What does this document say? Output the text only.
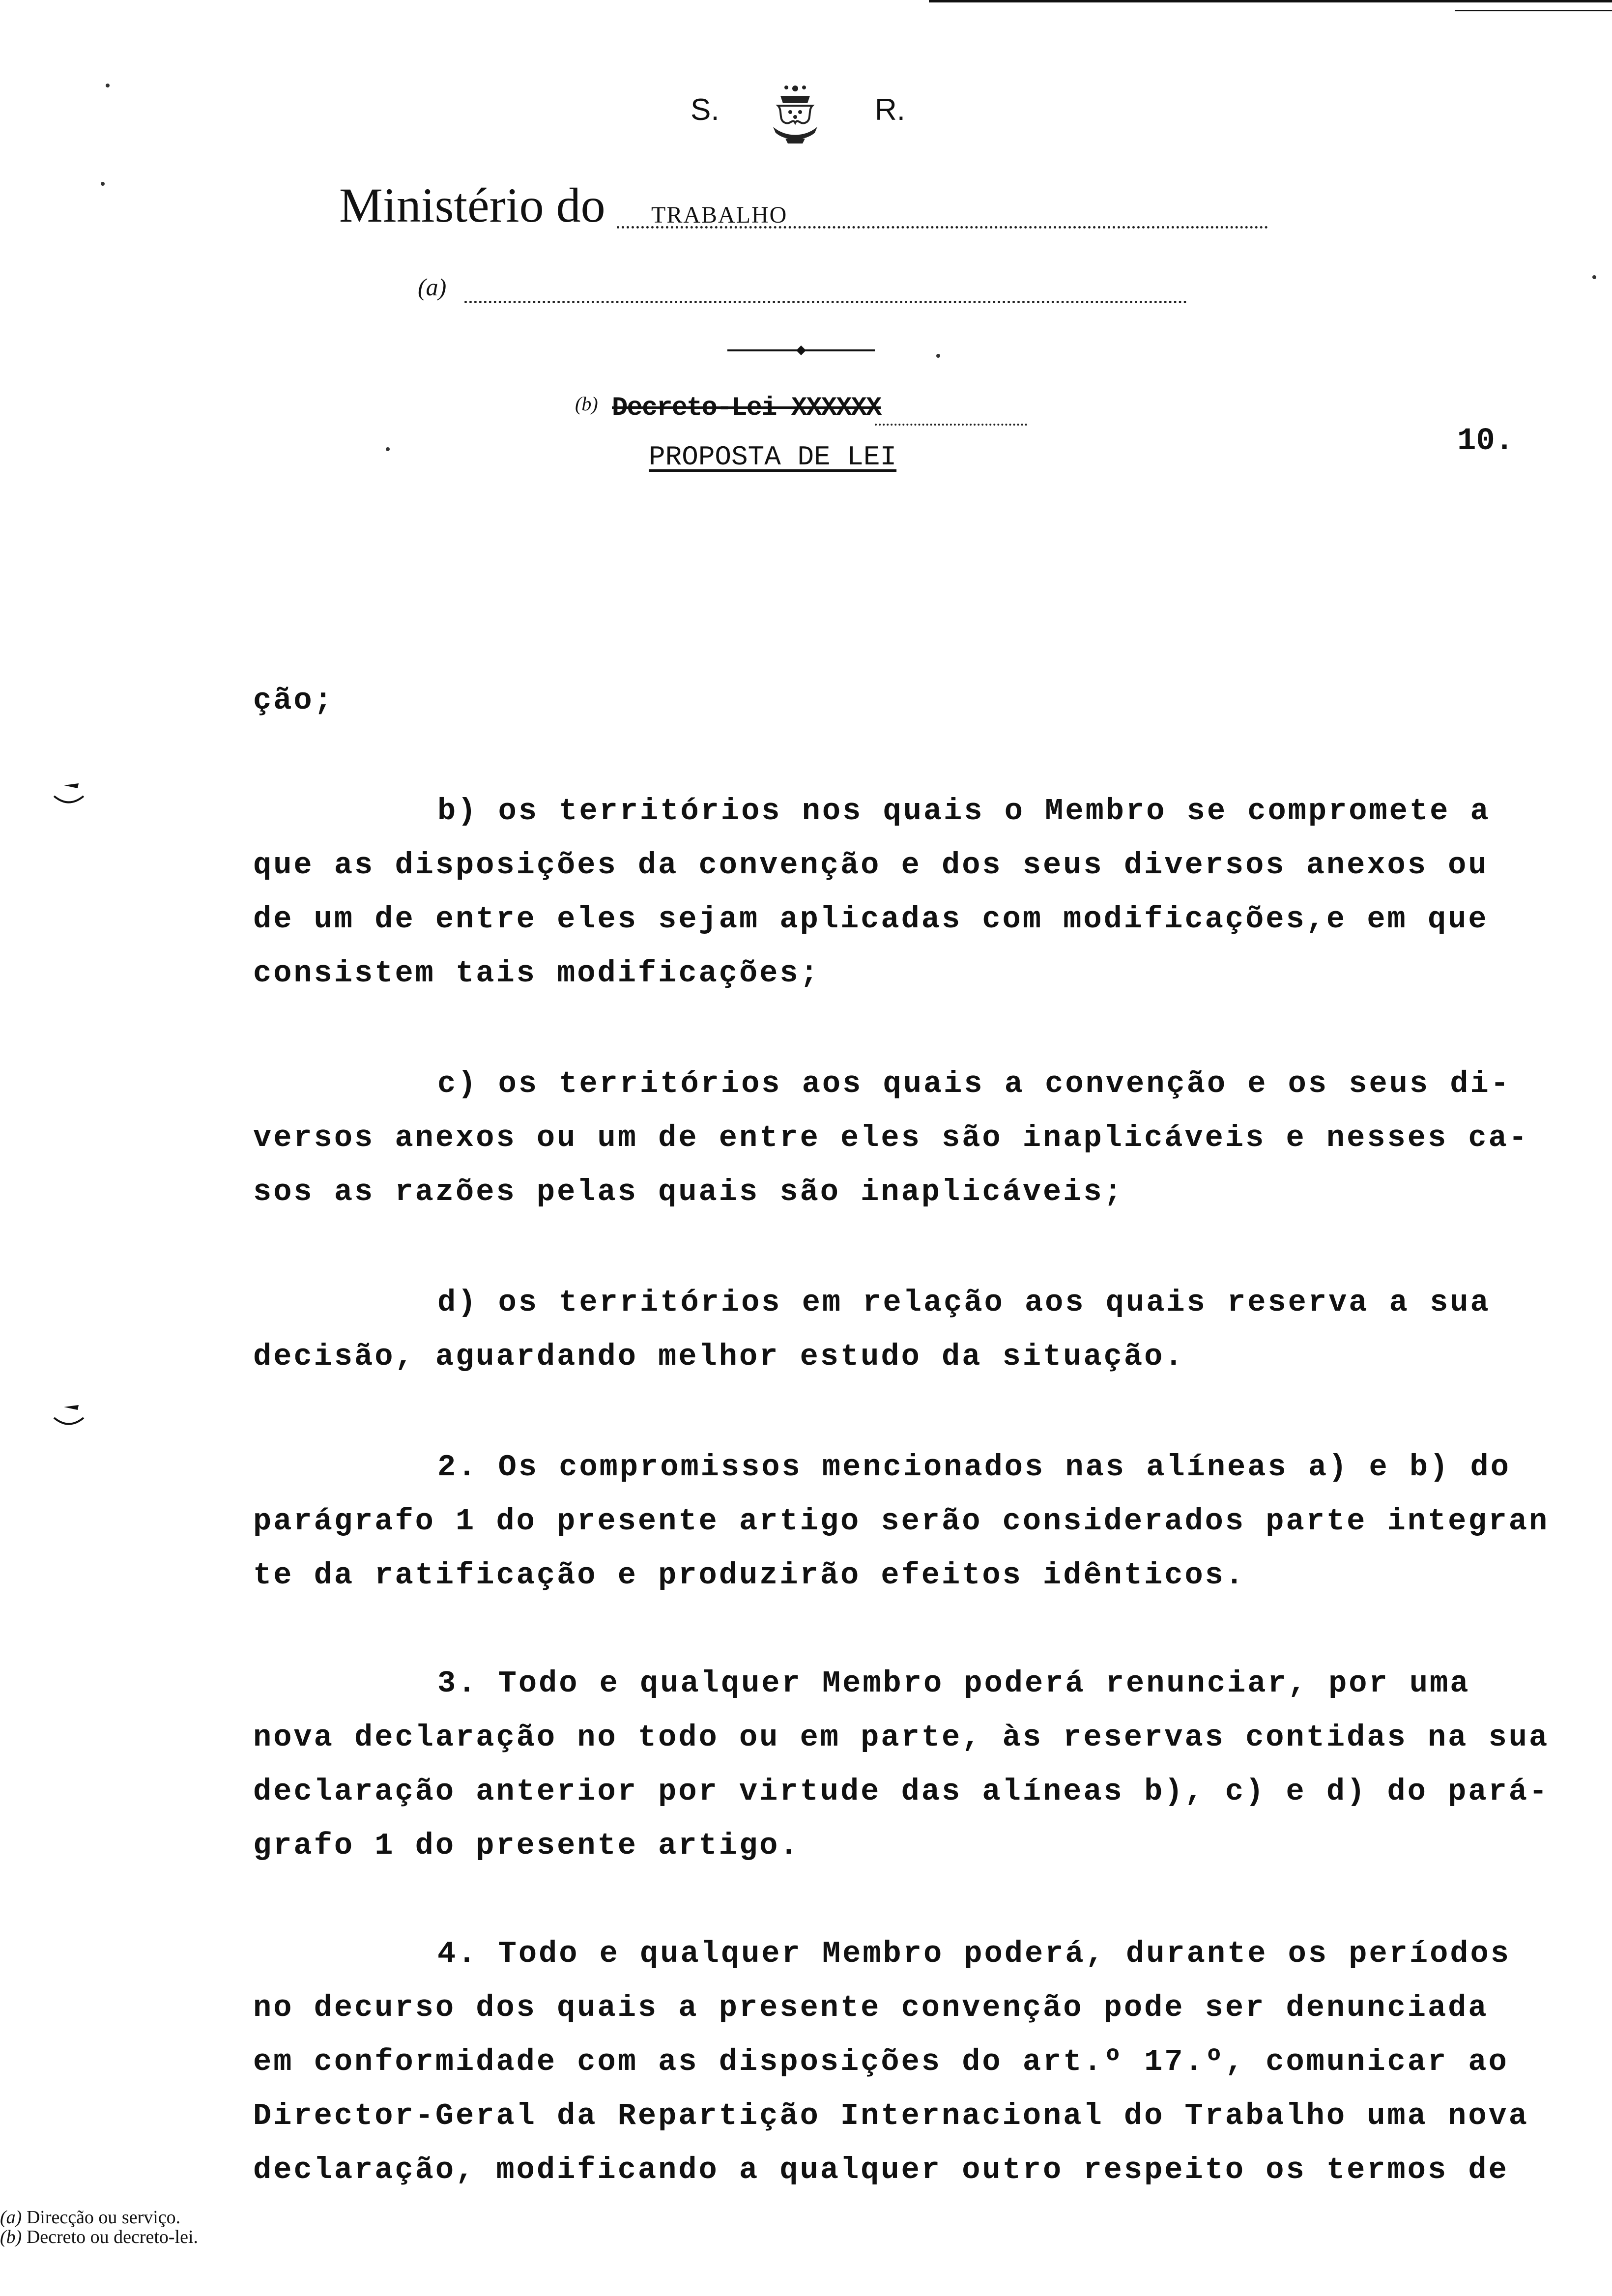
S.	R.
Ministério do TRABALHO
(a)
(b) Decreto-Lei XXXXXX
PROPOSTA DE LEI	10.
ção;
b) os territórios nos quais o Membro se compromete a
que as disposições da convenção e dos seus diversos anexos ou
de um de entre eles sejam aplicadas com modificações,e em que
consistem tais modificações;
c) os territórios aos quais a convenção e os seus di-
versos anexos ou um de entre eles são inaplicáveis e nesses ca-
sos as razões pelas quais são inaplicáveis;
d) os territórios em relação aos quais reserva a sua
decisão, aguardando melhor estudo da situação.
2. Os compromissos mencionados nas alíneas a) e b) do
parágrafo 1 do presente artigo serão considerados parte integran
te da ratificação e produzirão efeitos idênticos.
3. Todo e qualquer Membro poderá renunciar, por uma
nova declaração no todo ou em parte, às reservas contidas na sua
declaração anterior por virtude das alíneas b), c) e d) do pará-
grafo 1 do presente artigo.
4. Todo e qualquer Membro poderá, durante os períodos
no decurso dos quais a presente convenção pode ser denunciada
em conformidade com as disposições do art.º 17.º, comunicar ao
Director-Geral da Repartição Internacional do Trabalho uma nova
declaração, modificando a qualquer outro respeito os termos de
(a) Direcção ou serviço.
(b) Decreto ou decreto-lei.
